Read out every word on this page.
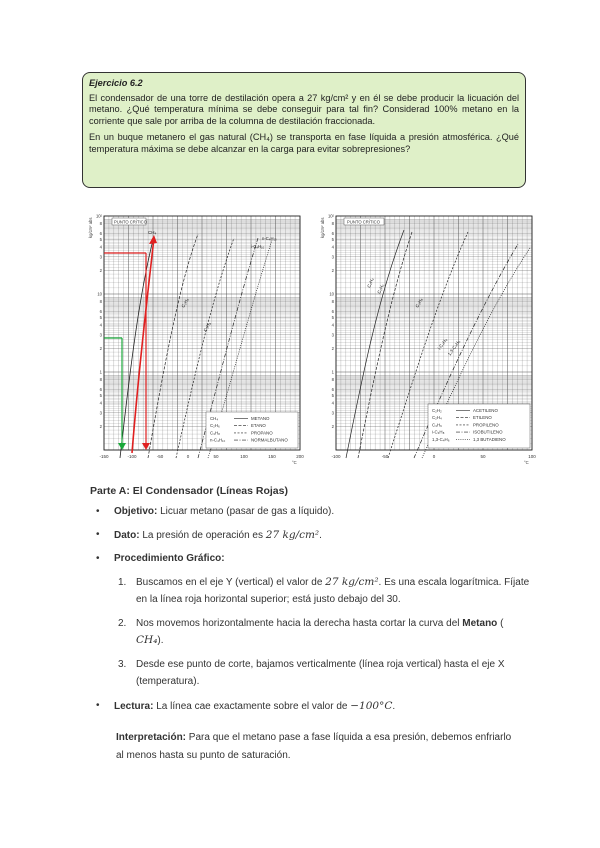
Ejercicio 6.2

El condensador de una torre de destilación opera a 27 kg/cm² y en él se debe producir la licuación del metano. ¿Qué temperatura mínima se debe conseguir para tal fin? Considerad 100% metano en la corriente que sale por arriba de la columna de destilación fraccionada.

En un buque metanero el gas natural (CH₄) se transporta en fase líquida a presión atmosférica. ¿Qué temperatura máxima se debe alcanzar en la carga para evitar sobrepresiones?

10²
8
6
5
4
3
2
10
8
6
5
4
3
2
1
8
6
5
4
3
2
kg/cm² abs
-150	-100	-50	0	50	100	150	200
°C
PUNTO CRÍTICO
CH₄
C₂H₆
C₃H₈
i-C₄H₁₀
n-C₄H₁₀
CH₄	METANO
C₂H₆	ETANO
C₃H₈	PROPANO
n-C₄H₁₀	NORMALBUTANO
10²
8
6
5
4
3
2
10
8
6
5
4
3
2
1
8
6
5
4
3
2
kg/cm² abs
-100	-50	0	50	100
°C
PUNTO CRÍTICO
C₂H₄
C₂H₂
C₃H₆
i-C₄H₈
1,3-C₄H₆
C₂H₂	ACETILENO
C₂H₄	ETILENO
C₃H₆	PROPILENO
i-C₄H₈	ISOBUTILENO
1,3-C₄H₆	1,3 BUTADIENO
Parte A: El Condensador (Líneas Rojas)
• Objetivo: Licuar metano (pasar de gas a líquido).
• Dato: La presión de operación es 27 kg/cm².
• Procedimiento Gráfico:
1. Buscamos en el eje Y (vertical) el valor de 27 kg/cm². Es una escala logarítmica. Fíjate en la línea roja horizontal superior; está justo debajo del 30.
2. Nos movemos horizontalmente hacia la derecha hasta cortar la curva del Metano (
CH₄).
3. Desde ese punto de corte, bajamos verticalmente (línea roja vertical) hasta el eje X (temperatura).
• Lectura: La línea cae exactamente sobre el valor de −100°C.
Interpretación: Para que el metano pase a fase líquida a esa presión, debemos enfriarlo al menos hasta su punto de saturación.
